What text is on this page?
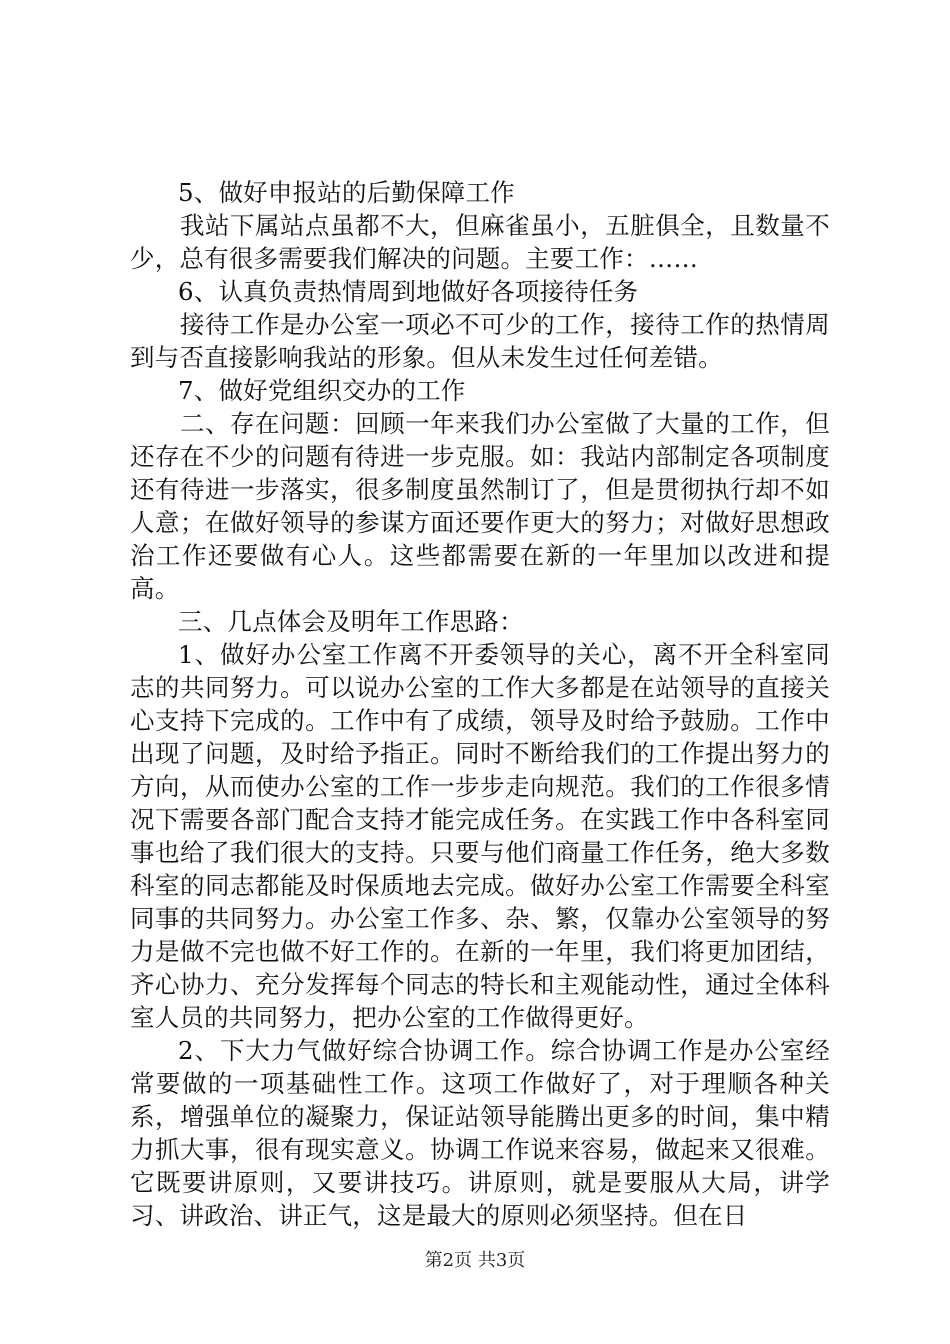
5、做好申报站的后勤保障工作

我站下属站点虽都不大，但麻雀虽小，五脏俱全，且数量不少，总有很多需要我们解决的问题。主要工作：……

6、认真负责热情周到地做好各项接待任务

接待工作是办公室一项必不可少的工作，接待工作的热情周到与否直接影响我站的形象。但从未发生过任何差错。

7、做好党组织交办的工作

二、存在问题：回顾一年来我们办公室做了大量的工作，但还存在不少的问题有待进一步克服。如：我站内部制定各项制度还有待进一步落实，很多制度虽然制订了，但是贯彻执行却不如人意；在做好领导的参谋方面还要作更大的努力；对做好思想政治工作还要做有心人。这些都需要在新的一年里加以改进和提高。

三、几点体会及明年工作思路：

1、做好办公室工作离不开委领导的关心，离不开全科室同志的共同努力。可以说办公室的工作大多都是在站领导的直接关心支持下完成的。工作中有了成绩，领导及时给予鼓励。工作中出现了问题，及时给予指正。同时不断给我们的工作提出努力的方向，从而使办公室的工作一步步走向规范。我们的工作很多情况下需要各部门配合支持才能完成任务。在实践工作中各科室同事也给了我们很大的支持。只要与他们商量工作任务，绝大多数科室的同志都能及时保质地去完成。做好办公室工作需要全科室同事的共同努力。办公室工作多、杂、繁，仅靠办公室领导的努力是做不完也做不好工作的。在新的一年里，我们将更加团结，齐心协力、充分发挥每个同志的特长和主观能动性，通过全体科室人员的共同努力，把办公室的工作做得更好。

2、下大力气做好综合协调工作。综合协调工作是办公室经常要做的一项基础性工作。这项工作做好了，对于理顺各种关系，增强单位的凝聚力，保证站领导能腾出更多的时间，集中精力抓大事，很有现实意义。协调工作说来容易，做起来又很难。它既要讲原则，又要讲技巧。讲原则，就是要服从大局，讲学习、讲政治、讲正气，这是最大的原则必须坚持。但在日

第2页 共3页
